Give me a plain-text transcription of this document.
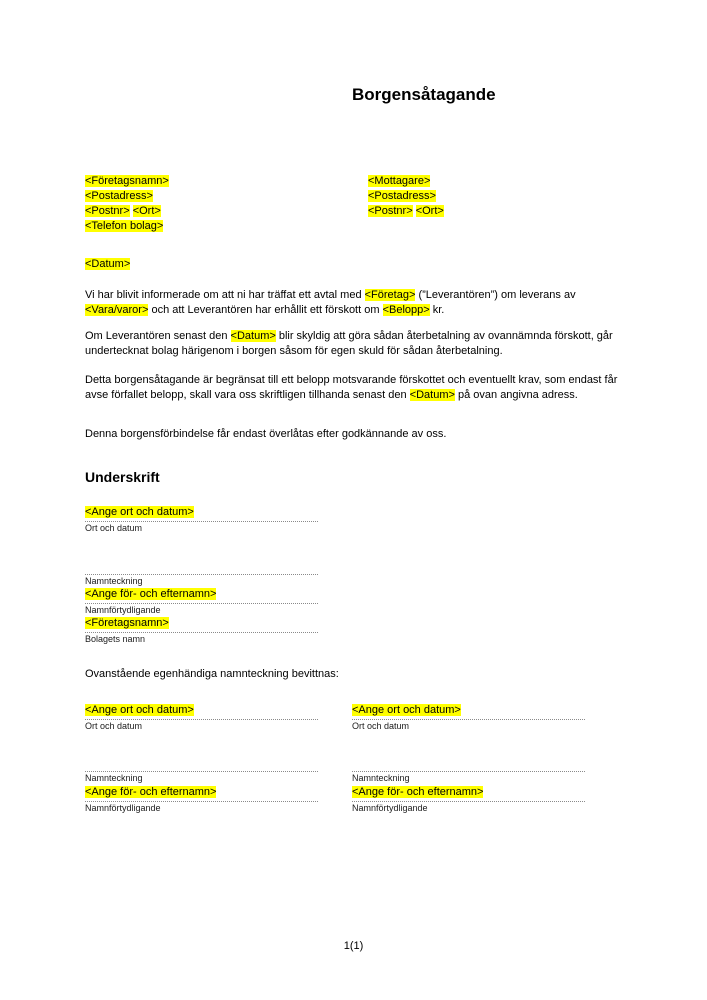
Borgensåtagande
<Företagsnamn>
<Postadress>
<Postnr> <Ort>
<Telefon bolag>
<Mottagare>
<Postadress>
<Postnr> <Ort>
<Datum>

Vi har blivit informerade om att ni har träffat ett avtal med <Företag> (”Leverantören”) om leverans av <Vara/varor> och att Leverantören har erhållit ett förskott om <Belopp> kr.

Om Leverantören senast den <Datum> blir skyldig att göra sådan återbetalning av ovannämnda förskott, går undertecknat bolag härigenom i borgen såsom för egen skuld för sådan återbetalning.

Detta borgensåtagande är begränsat till ett belopp motsvarande förskottet och eventuellt krav, som endast får avse förfallet belopp, skall vara oss skriftligen tillhanda senast den <Datum> på ovan angivna adress.

Denna borgensförbindelse får endast överlåtas efter godkännande av oss.

Underskrift
<Ange ort och datum>
Ort och datum
Namnteckning
<Ange för- och efternamn>
Namnförtydligande
<Företagsnamn>
Bolagets namn

Ovanstående egenhändiga namnteckning bevittnas:

<Ange ort och datum>
Ort och datum
Namnteckning
<Ange för- och efternamn>
Namnförtydligande
<Ange ort och datum>
Ort och datum
Namnteckning
<Ange för- och efternamn>
Namnförtydligande
1(1)
